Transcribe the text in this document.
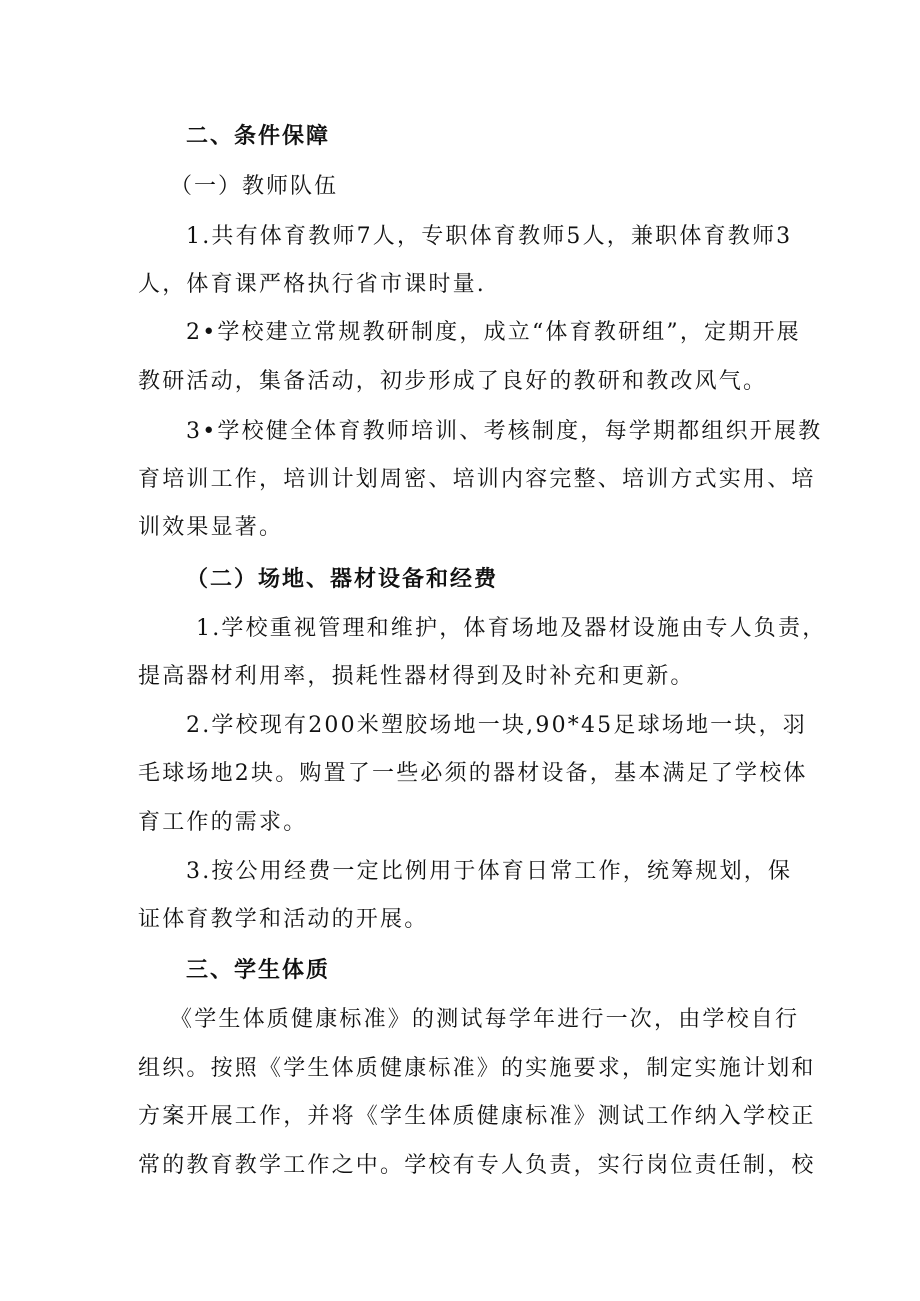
二、条件保障
（一）教师队伍
1.共有体育教师7人，专职体育教师5人，兼职体育教师3
人，体育课严格执行省市课时量.
2•学校建立常规教研制度，成立“体育教研组”，定期开展
教研活动，集备活动，初步形成了良好的教研和教改风气。
3•学校健全体育教师培训、考核制度，每学期都组织开展教
育培训工作，培训计划周密、培训内容完整、培训方式实用、培
训效果显著。
（二）场地、器材设备和经费
1.学校重视管理和维护，体育场地及器材设施由专人负责，
提高器材利用率，损耗性器材得到及时补充和更新。
2.学校现有200米塑胶场地一块,90*45足球场地一块，羽
毛球场地2块。购置了一些必须的器材设备，基本满足了学校体
育工作的需求。
3.按公用经费一定比例用于体育日常工作，统筹规划，保
证体育教学和活动的开展。
三、学生体质
《学生体质健康标准》的测试每学年进行一次，由学校自行
组织。按照《学生体质健康标准》的实施要求，制定实施计划和
方案开展工作，并将《学生体质健康标准》测试工作纳入学校正
常的教育教学工作之中。学校有专人负责，实行岗位责任制，校
